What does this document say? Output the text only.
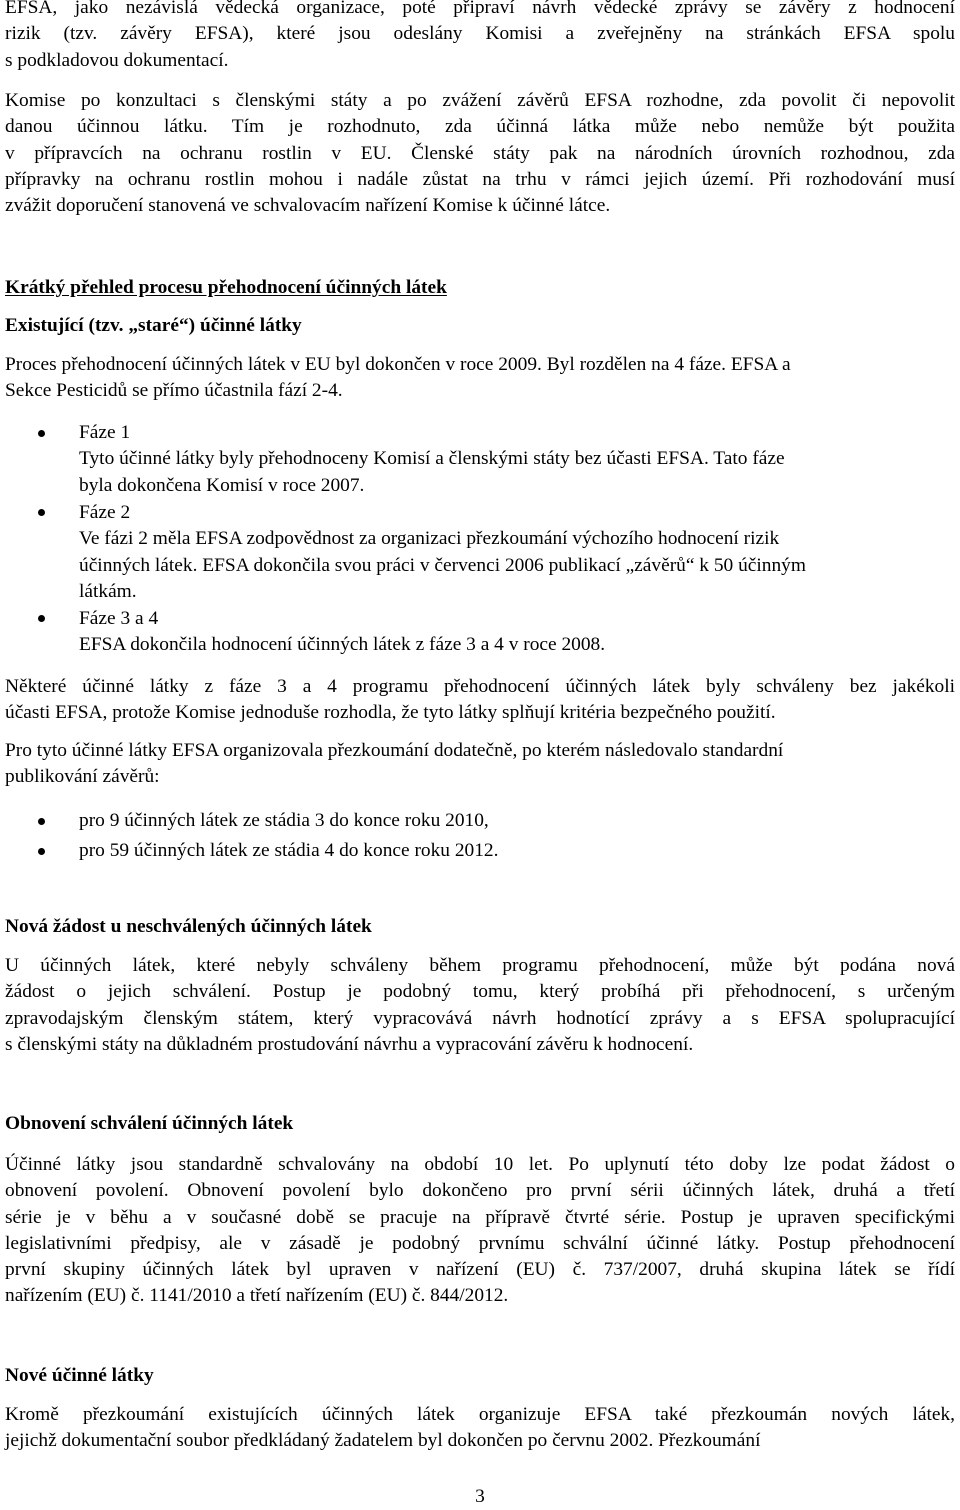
EFSA, jako nezávislá vědecká organizace, poté připraví návrh vědecké zprávy se závěry z hodnocení
rizik (tzv. závěry EFSA), které jsou odeslány Komisi a zveřejněny na stránkách EFSA spolu
s podkladovou dokumentací.

Komise po konzultaci s členskými státy a po zvážení závěrů EFSA rozhodne, zda povolit či nepovolit
danou účinnou látku. Tím je rozhodnuto, zda účinná látka může nebo nemůže být použita
v přípravcích na ochranu rostlin v EU. Členské státy pak na národních úrovních rozhodnou, zda
přípravky na ochranu rostlin mohou i nadále zůstat na trhu v rámci jejich území. Při rozhodování musí
zvážit doporučení stanovená ve schvalovacím nařízení Komise k účinné látce.

Krátký přehled procesu přehodnocení účinných látek
Existující (tzv. „staré“) účinné látky

Proces přehodnocení účinných látek v EU byl dokončen v roce 2009. Byl rozdělen na 4 fáze. EFSA a
Sekce Pesticidů se přímo účastnila fází 2-4.

Fáze 1
Tyto účinné látky byly přehodnoceny Komisí a členskými státy bez účasti EFSA. Tato fáze
byla dokončena Komisí v roce 2007.
Fáze 2
Ve fázi 2 měla EFSA zodpovědnost za organizaci přezkoumání výchozího hodnocení rizik
účinných látek. EFSA dokončila svou práci v červenci 2006 publikací „závěrů“ k 50 účinným
látkám.
Fáze 3 a 4
EFSA dokončila hodnocení účinných látek z fáze 3 a 4 v roce 2008.

Některé účinné látky z fáze 3 a 4 programu přehodnocení účinných látek byly schváleny bez jakékoli
účasti EFSA, protože Komise jednoduše rozhodla, že tyto látky splňují kritéria bezpečného použití.

Pro tyto účinné látky EFSA organizovala přezkoumání dodatečně, po kterém následovalo standardní
publikování závěrů:

pro 9 účinných látek ze stádia 3 do konce roku 2010,
pro 59 účinných látek ze stádia 4 do konce roku 2012.
Nová žádost u neschválených účinných látek

U účinných látek, které nebyly schváleny během programu přehodnocení, může být podána nová
žádost o jejich schválení. Postup je podobný tomu, který probíhá při přehodnocení, s určeným
zpravodajským členským státem, který vypracovává návrh hodnotící zprávy a s EFSA spolupracující
s členskými státy na důkladném prostudování návrhu a vypracování závěru k hodnocení.

Obnovení schválení účinných látek

Účinné látky jsou standardně schvalovány na období 10 let. Po uplynutí této doby lze podat žádost o
obnovení povolení. Obnovení povolení bylo dokončeno pro první sérii účinných látek, druhá a třetí
série je v běhu a v současné době se pracuje na přípravě čtvrté série. Postup je upraven specifickými
legislativními předpisy, ale v zásadě je podobný prvnímu schvální účinné látky. Postup přehodnocení
první skupiny účinných látek byl upraven v nařízení (EU) č. 737/2007, druhá skupina látek se řídí
nařízením (EU) č. 1141/2010 a třetí nařízením (EU) č. 844/2012.

Nové účinné látky

Kromě přezkoumání existujících účinných látek organizuje EFSA také přezkoumán nových látek,
jejichž dokumentační soubor předkládaný žadatelem byl dokončen po červnu 2002. Přezkoumání

3
